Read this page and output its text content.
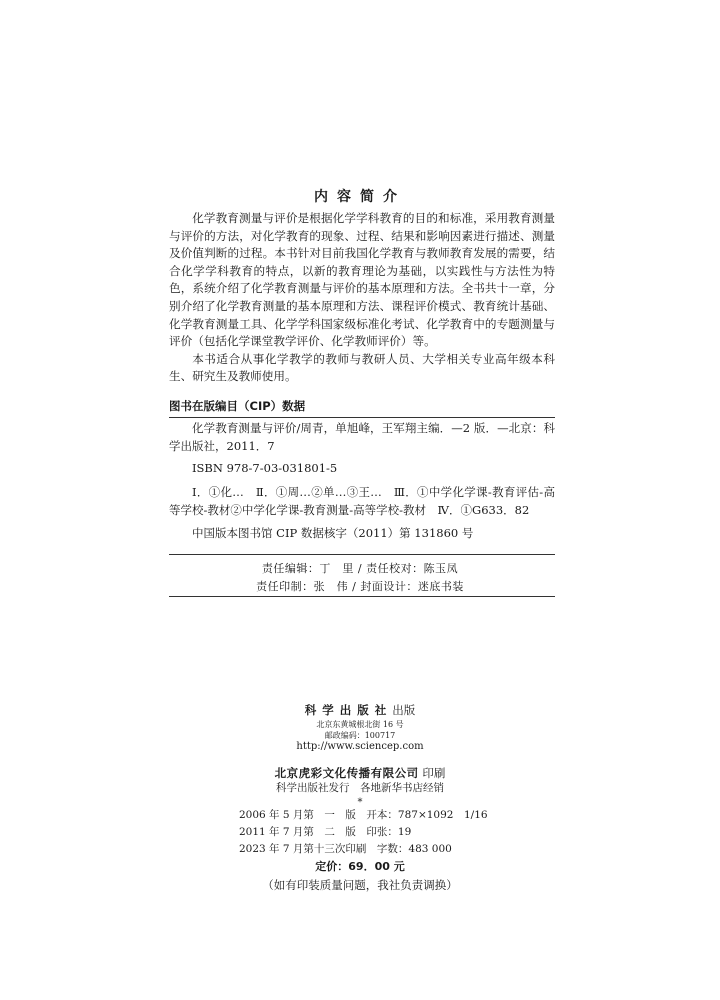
内容简介

化学教育测量与评价是根据化学学科教育的目的和标准，采用教育测量与评价的方法，对化学教育的现象、过程、结果和影响因素进行描述、测量及价值判断的过程。本书针对目前我国化学教育与教师教育发展的需要，结合化学学科教育的特点，以新的教育理论为基础，以实践性与方法性为特色，系统介绍了化学教育测量与评价的基本原理和方法。全书共十一章，分别介绍了化学教育测量的基本原理和方法、课程评价模式、教育统计基础、化学教育测量工具、化学学科国家级标准化考试、化学教育中的专题测量与评价（包括化学课堂教学评价、化学教师评价）等。

本书适合从事化学教学的教师与教研人员、大学相关专业高年级本科生、研究生及教师使用。

图书在版编目（CIP）数据

化学教育测量与评价/周青，单旭峰，王军翔主编．—2 版．—北京：科学出版社，2011．7

ISBN 978-7-03-031801-5

Ⅰ．①化…　Ⅱ．①周…②单…③王…　Ⅲ．①中学化学课-教育评估-高等学校-教材②中学化学课-教育测量-高等学校-教材　Ⅳ．①G633．82

中国版本图书馆 CIP 数据核字（2011）第 131860 号

责任编辑：丁　里 / 责任校对：陈玉凤
责任印制：张　伟 / 封面设计：迷底书装
科学出版社出版
北京东黄城根北街 16 号
邮政编码：100717
http://www.sciencep.com
北京虎彩文化传播有限公司 印刷
科学出版社发行　各地新华书店经销
*
2006 年 5 月第　一　版　开本：787×1092　1/16
2011 年 7 月第　二　版　印张：19
2023 年 7 月第十三次印刷　字数：483 000
定价：69．00 元
（如有印装质量问题，我社负责调换）
